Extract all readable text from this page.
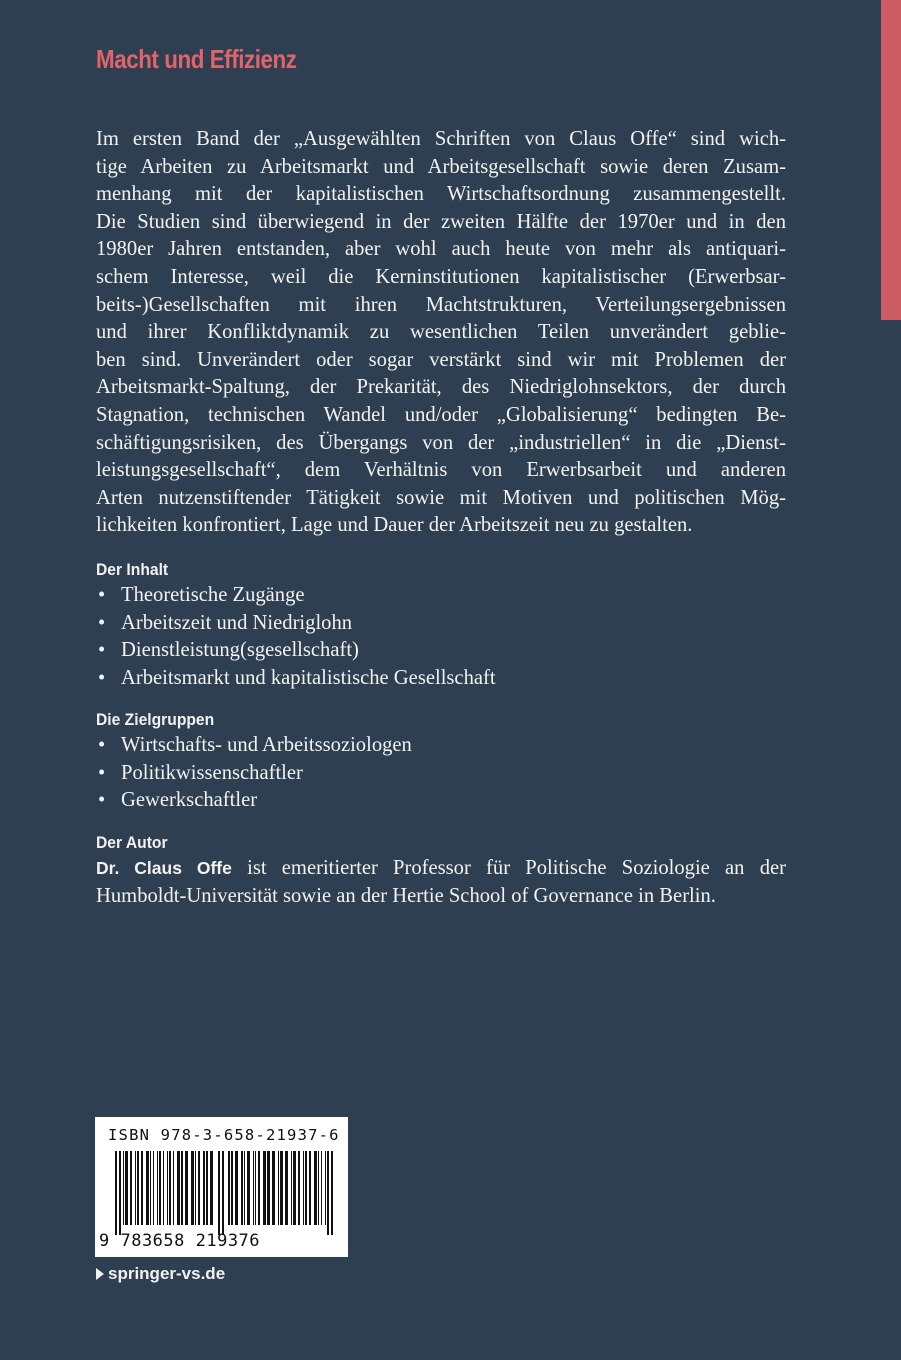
Macht und Effizienz

Im ersten Band der „Ausgewählten Schriften von Claus Offe“ sind wich-
tige Arbeiten zu Arbeitsmarkt und Arbeitsgesellschaft sowie deren Zusam-
menhang mit der kapitalistischen Wirtschaftsordnung zusammengestellt.
Die Studien sind überwiegend in der zweiten Hälfte der 1970er und in den
1980er Jahren entstanden, aber wohl auch heute von mehr als antiquari-
schem Interesse, weil die Kerninstitutionen kapitalistischer (Erwerbsar-
beits-)Gesellschaften mit ihren Machtstrukturen, Verteilungsergebnissen
und ihrer Konfliktdynamik zu wesentlichen Teilen unverändert geblie-
ben sind. Unverändert oder sogar verstärkt sind wir mit Problemen der
Arbeitsmarkt-Spaltung, der Prekarität, des Niedriglohnsektors, der durch
Stagnation, technischen Wandel und/oder „Globalisierung“ bedingten Be-
schäftigungsrisiken, des Übergangs von der „industriellen“ in die „Dienst-
leistungsgesellschaft“, dem Verhältnis von Erwerbsarbeit und anderen
Arten nutzenstiftender Tätigkeit sowie mit Motiven und politischen Mög-
lichkeiten konfrontiert, Lage und Dauer der Arbeitszeit neu zu gestalten.

Der Inhalt
• Theoretische Zugänge
• Arbeitszeit und Niedriglohn
• Dienstleistung(sgesellschaft)
• Arbeitsmarkt und kapitalistische Gesellschaft
Die Zielgruppen
• Wirtschafts- und Arbeitssoziologen
• Politikwissenschaftler
• Gewerkschaftler
Der Autor

Dr. Claus Offe ist emeritierter Professor für Politische Soziologie an der
Humboldt-Universität sowie an der Hertie School of Governance in Berlin.

ISBN 978-3-658-21937-6
9 783658 219376
springer-vs.de
